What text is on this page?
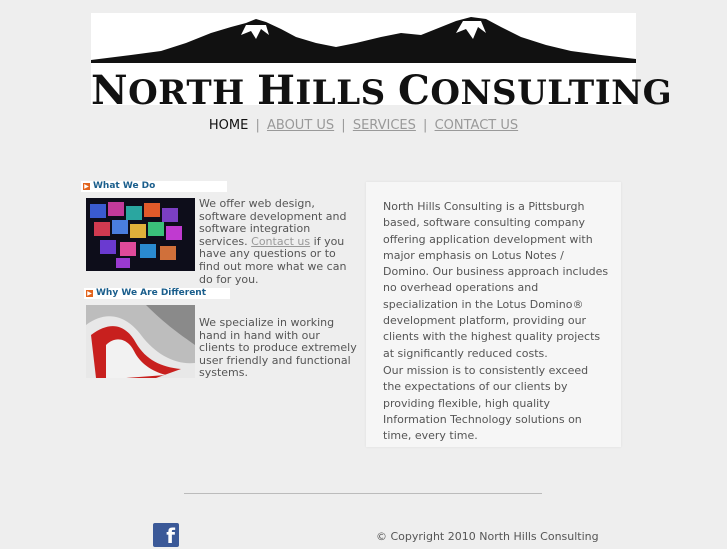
NORTH HILLS CONSULTING
HOME | ABOUT US | SERVICES | CONTACT US
▶ What We Do
We offer web design, software development and software integration services. Contact us if you have any questions or to find out more what we can do for you.
▶ Why We Are Different
We specialize in working hand in hand with our clients to produce extremely user friendly and functional systems.

North Hills Consulting is a Pittsburgh based, software consulting company offering application development with major emphasis on Lotus Notes / Domino. Our business approach includes no overhead operations and specialization in the Lotus Domino® development platform, providing our clients with the highest quality projects at significantly reduced costs.

Our mission is to consistently exceed the expectations of our clients by providing flexible, high quality Information Technology solutions on time, every time.

f	© Copyright 2010 North Hills Consulting
